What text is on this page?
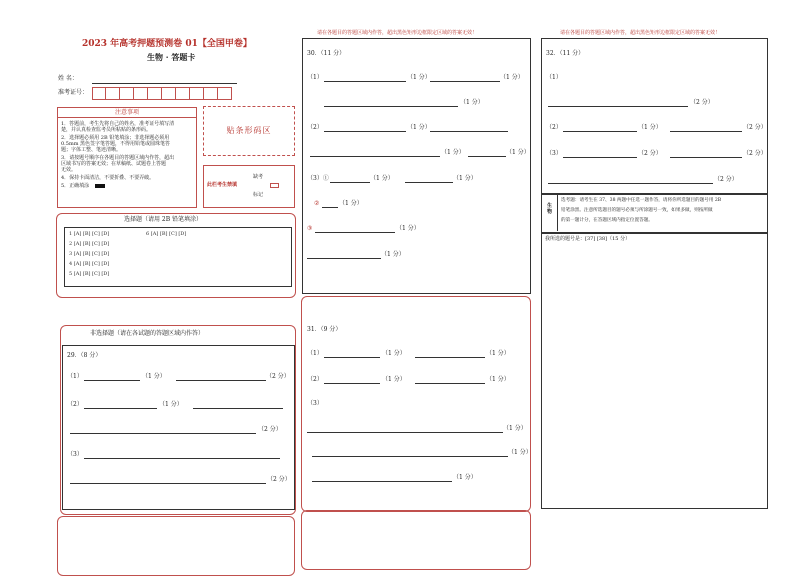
2023 年高考押题预测卷 01【全国甲卷】
生物 · 答题卡
姓 名：
准考证号：
注意事项
1．答题前，考生先将自己的姓名，准考证号填写清
楚，并认真检查监考员所粘贴的条形码。
2．选择题必须用 2B 铅笔填涂；非选择题必须用
0.5mm 黑色签字笔答题，不得用铅笔或圆珠笔答
题；字体工整、笔迹清晰。
3．请按题号顺序在各题目的答题区域内作答，超出
区域书写的答案无效；在草稿纸、试题卷上答题
无效。
4．保持卡面清洁，不要折叠、不要弄破。
5．正确填涂
贴条形码区
缺考
此栏考生禁填
标记
选择题（请用 2B 铅笔填涂）
1 [A] [B] [C] [D]	6 [A] [B] [C] [D]
2 [A] [B] [C] [D]
3 [A] [B] [C] [D]
4 [A] [B] [C] [D]
5 [A] [B] [C] [D]
非选择题（请在各试题的答题区域内作答）
29．（8 分）
（1）	（1 分）	（2 分）
（2）	（1 分）
（2 分）
（3）
（2 分）
请在各题目的答题区域内作答，超出黑色矩形边框限定区域的答案无效！
30．（11 分）
（1）	（1 分）	（1 分）
（1 分）
（2）	（1 分）
（1 分）	（1 分）
（3）①	（1 分）	（1 分）
②	（1 分）
③	（1 分）
（1 分）
31．（9 分）
（1）	（1 分）	（1 分）
（2）	（1 分）	（1 分）
（3）
（1 分）
（1 分）
（1 分）
请在各题目的答题区域内作答，超出黑色矩形边框限定区域的答案无效！
32．（11 分）
（1）
（2 分）
（2）	（1 分）	（2 分）
（3）	（2 分）	（2 分）
（2 分）
生物
选考题：请考生在 37、38 两题中任选一题作答，请将你所选题目的题号用 2B
铅笔涂黑。注意所选题目的题号必须与所涂题号一致，如果多做，则按所做
的第一题计分，在答题区域内指定位置答题。
我所选的题号是：[37] [38]（15 分）
